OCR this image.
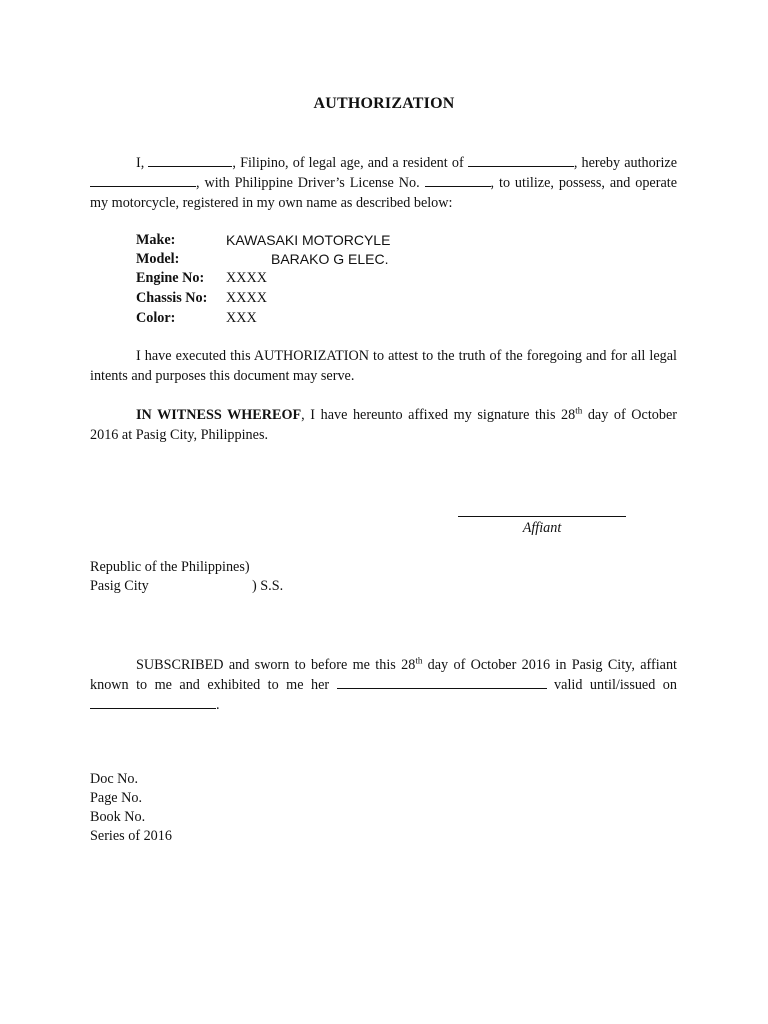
AUTHORIZATION
I,	, Filipino, of legal age, and a resident of	, hereby authorize , with Philippine Driver’s License No.	, to utilize, possess, and operate my motorcycle, registered in my own name as described below:
Make:	KAWASAKI MOTORCYLE
Model:	BARAKO G ELEC.
Engine No: XXXX
Chassis No: XXXX
Color:	XXX
I have executed this AUTHORIZATION to attest to the truth of the foregoing and for all legal intents and purposes this document may serve.
IN WITNESS WHEREOF, I have hereunto affixed my signature this 28th day of October 2016 at Pasig City, Philippines.
Affiant
Republic of the Philippines)
Pasig City	) S.S.
SUBSCRIBED and sworn to before me this 28th day of October 2016 in Pasig City, affiant known to me and exhibited to me her	valid until/issued on .
Doc No.
Page No.
Book No.
Series of 2016
